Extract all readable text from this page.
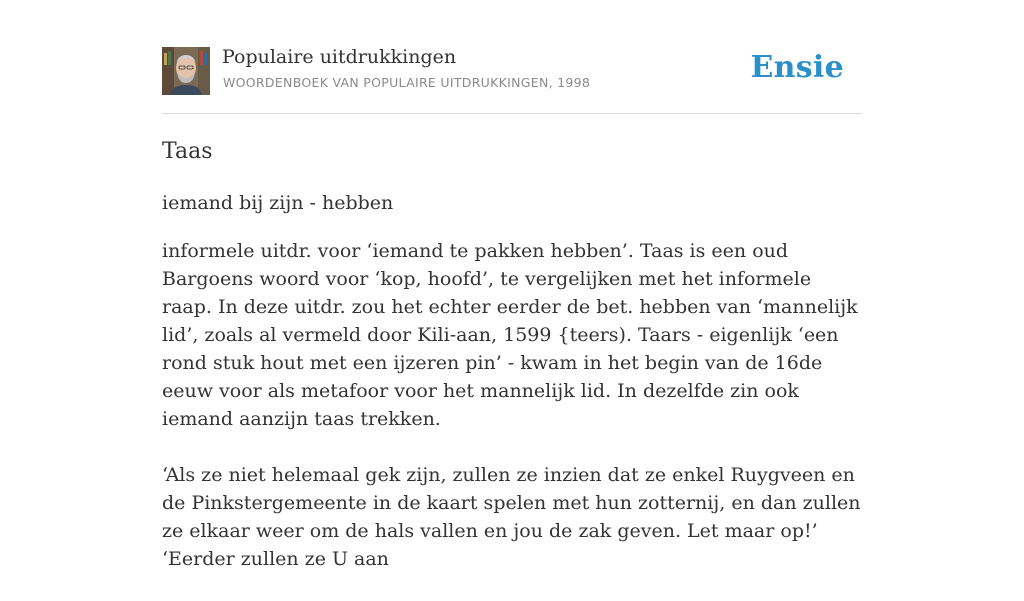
Populaire uitdrukkingen
WOORDENBOEK VAN POPULAIRE UITDRUKKINGEN, 1998	Ensie
Taas
iemand bij zijn - hebben

informele uitdr. voor ‘iemand te pakken hebben’. Taas is een oud Bargoens woord voor ‘kop, hoofd’, te vergelijken met het informele raap. In deze uitdr. zou het echter eerder de bet. hebben van ‘mannelijk lid’, zoals al vermeld door Kili-aan, 1599 {teers). Taars - eigenlijk ‘een rond stuk hout met een ijzeren pin’ - kwam in het begin van de 16de eeuw voor als metafoor voor het mannelijk lid. In dezelfde zin ook iemand aanzijn taas trekken.

‘Als ze niet helemaal gek zijn, zullen ze inzien dat ze enkel Ruygveen en de Pinkstergemeente in de kaart spelen met hun zotternij, en dan zullen ze elkaar weer om de hals vallen en jou de zak geven. Let maar op!’ ‘Eerder zullen ze U aan
